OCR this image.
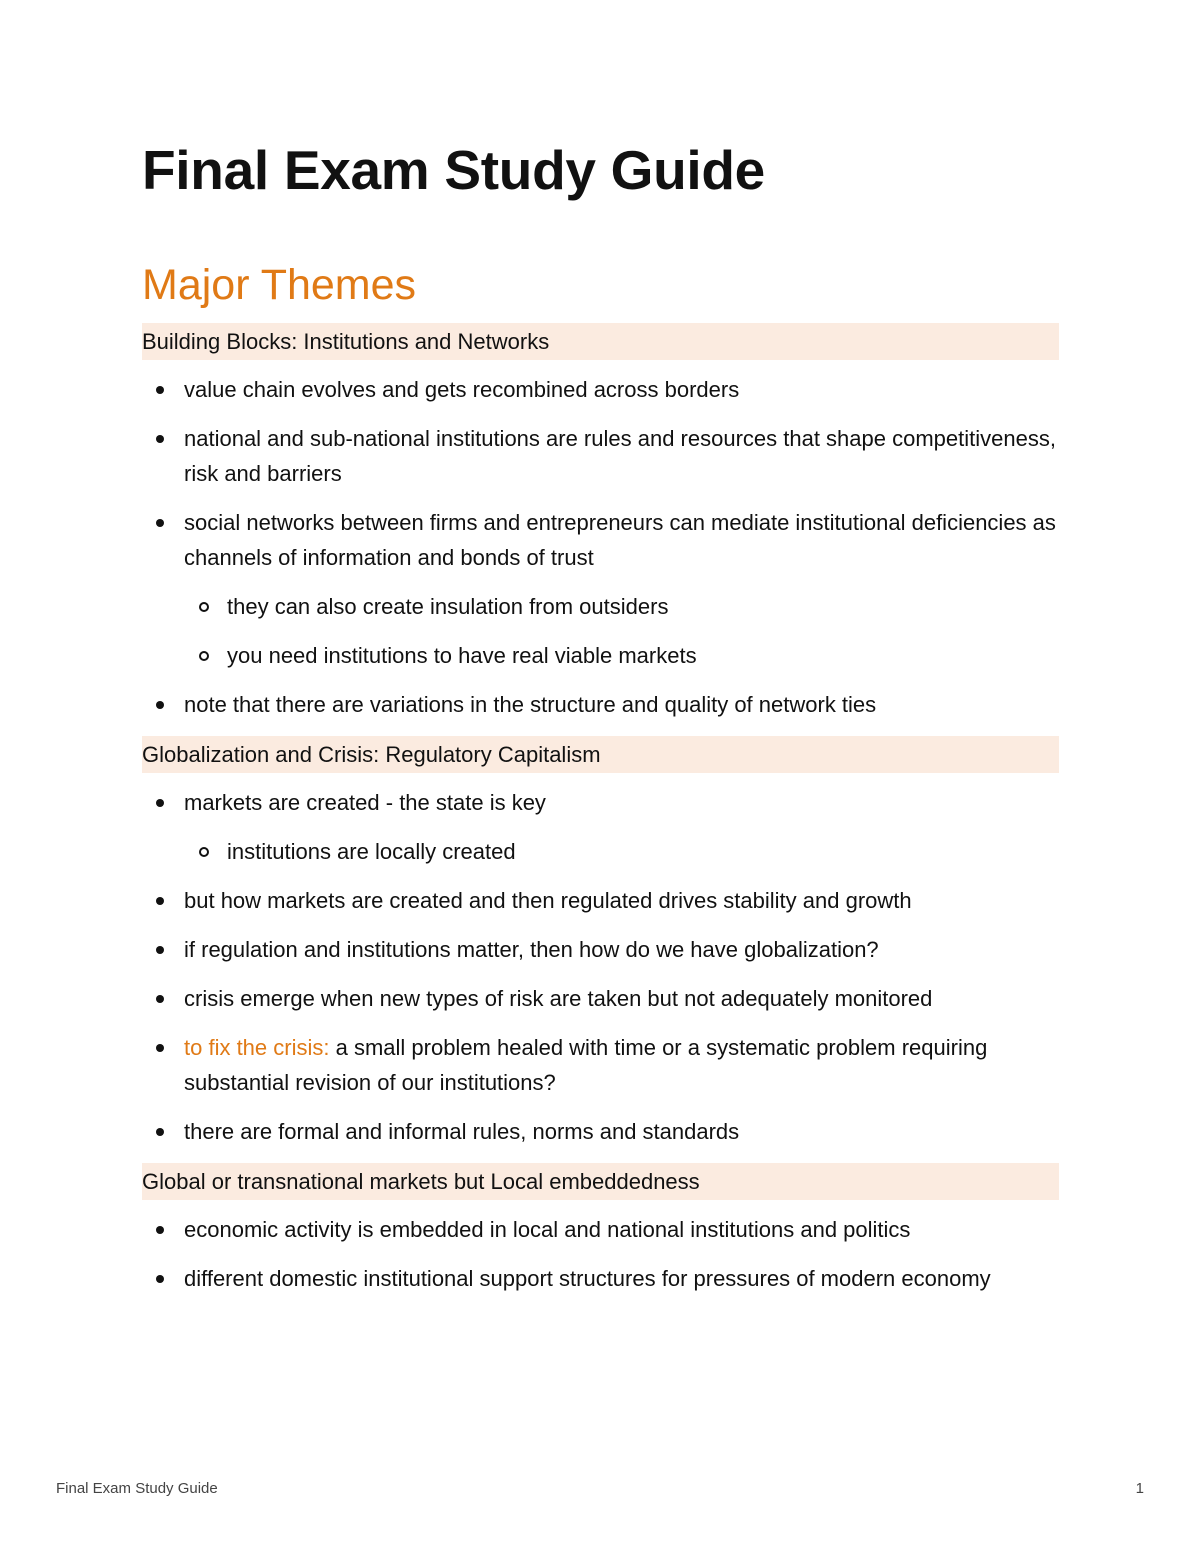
Final Exam Study Guide
Major Themes
Building Blocks: Institutions and Networks
value chain evolves and gets recombined across borders
national and sub-national institutions are rules and resources that shape competitiveness, risk and barriers
social networks between firms and entrepreneurs can mediate institutional deficiencies as channels of information and bonds of trust
they can also create insulation from outsiders
you need institutions to have real viable markets
note that there are variations in the structure and quality of network ties
Globalization and Crisis: Regulatory Capitalism
markets are created - the state is key
institutions are locally created
but how markets are created and then regulated drives stability and growth
if regulation and institutions matter, then how do we have globalization?
crisis emerge when new types of risk are taken but not adequately monitored
to fix the crisis: a small problem healed with time or a systematic problem requiring substantial revision of our institutions?
there are formal and informal rules, norms and standards
Global or transnational markets but Local embeddedness
economic activity is embedded in local and national institutions and politics
different domestic institutional support structures for pressures of modern economy
Final Exam Study Guide	1
